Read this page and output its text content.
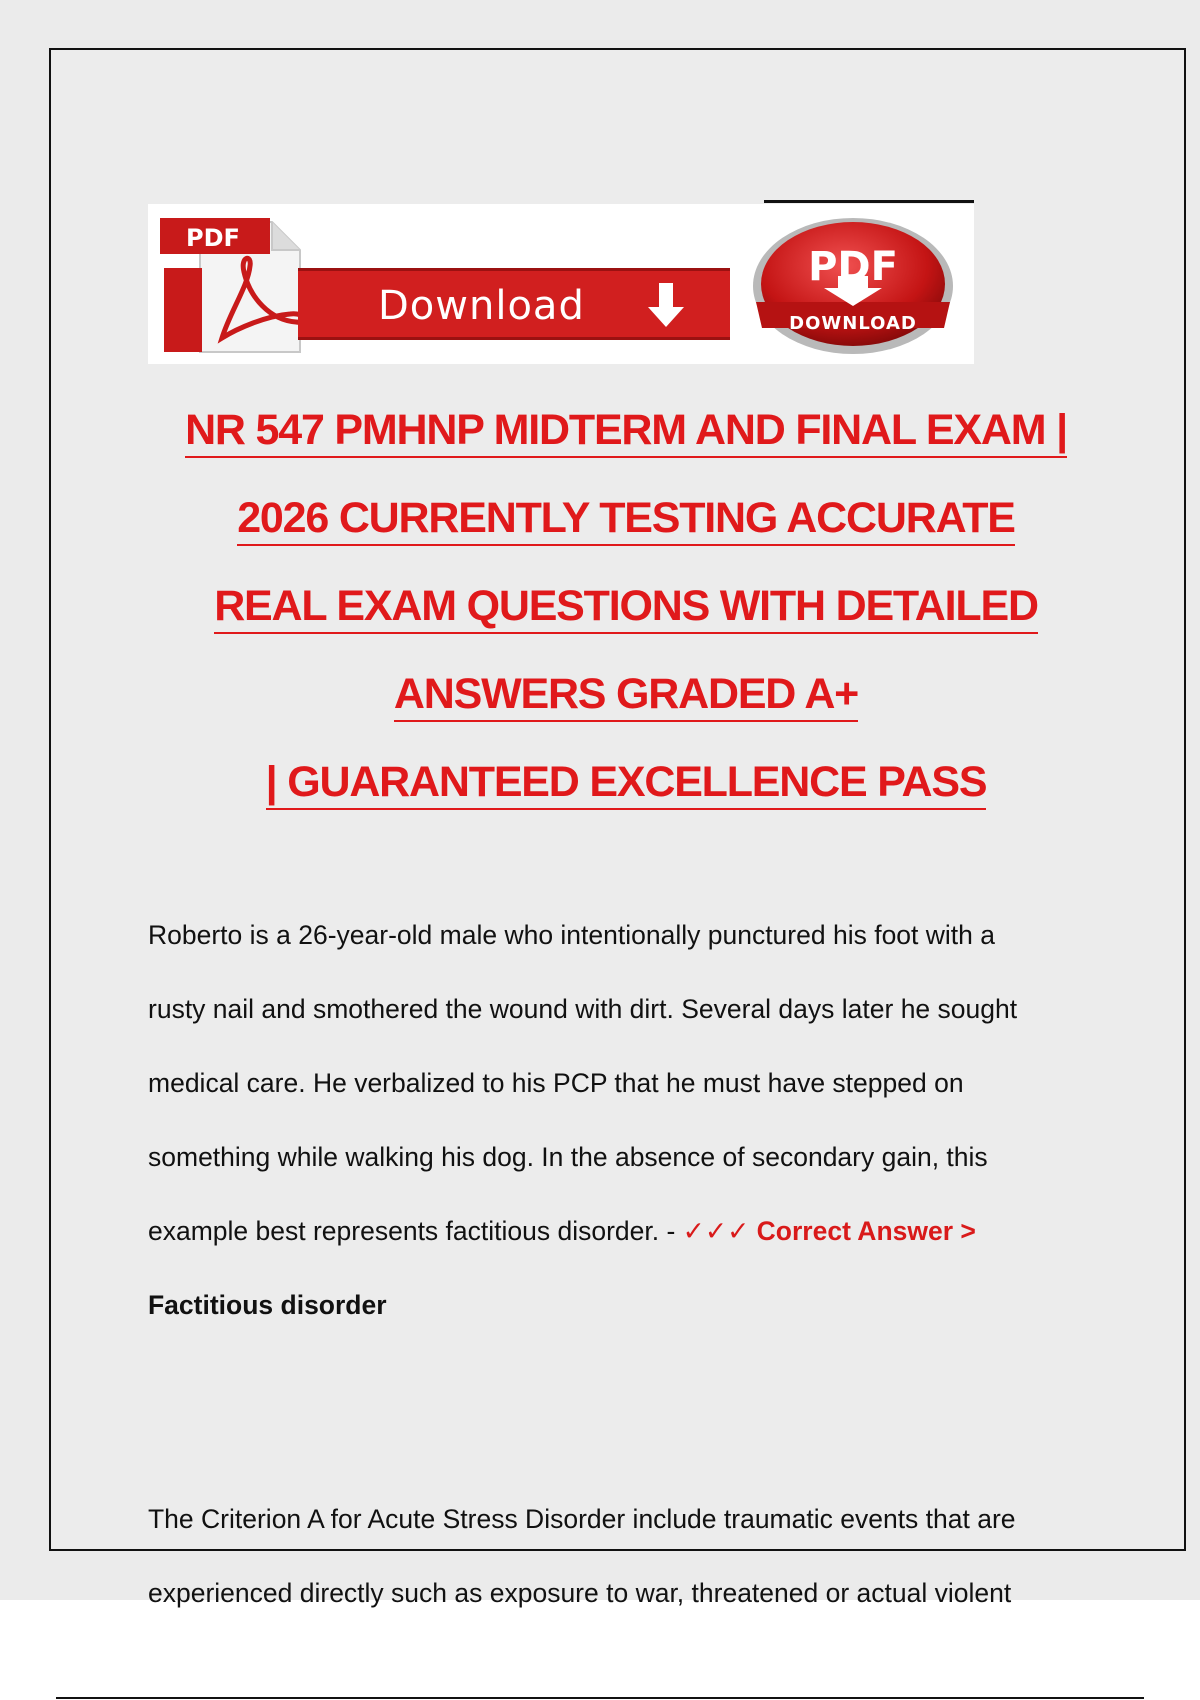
PDF
Download
PDF
DOWNLOAD
NR 547 PMHNP MIDTERM AND FINAL EXAM |
2026 CURRENTLY TESTING ACCURATE
REAL EXAM QUESTIONS WITH DETAILED
ANSWERS GRADED A+
| GUARANTEED EXCELLENCE PASS

Roberto is a 26-year-old male who intentionally punctured his foot with a

rusty nail and smothered the wound with dirt. Several days later he sought

medical care. He verbalized to his PCP that he must have stepped on

something while walking his dog. In the absence of secondary gain, this

example best represents factitious disorder. - ✓✓✓ Correct Answer >

Factitious disorder

The Criterion A for Acute Stress Disorder include traumatic events that are

experienced directly such as exposure to war, threatened or actual violent
